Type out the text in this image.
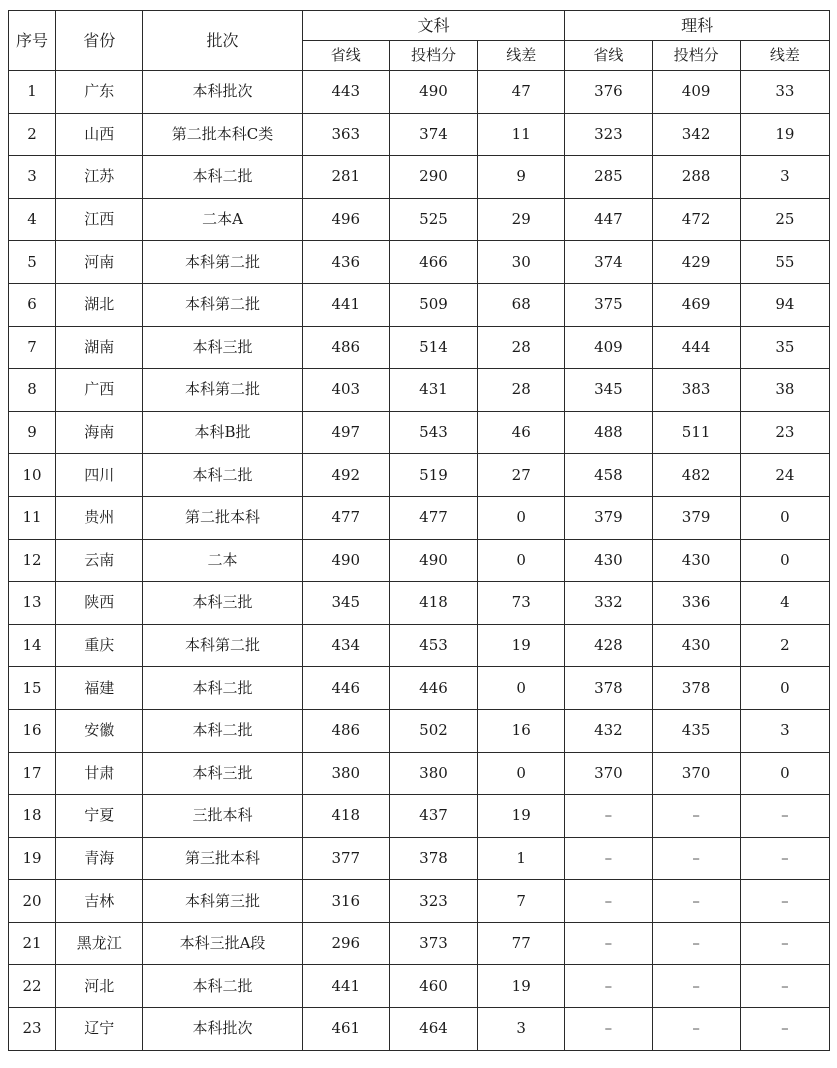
序号	省份	批次	文科			理科		
			省线	投档分	线差	省线	投档分	线差
1	广东	本科批次	443	490	47	376	409	33
2	山西	第二批本科C类	363	374	11	323	342	19
3	江苏	本科二批	281	290	9	285	288	3
4	江西	二本A	496	525	29	447	472	25
5	河南	本科第二批	436	466	30	374	429	55
6	湖北	本科第二批	441	509	68	375	469	94
7	湖南	本科三批	486	514	28	409	444	35
8	广西	本科第二批	403	431	28	345	383	38
9	海南	本科B批	497	543	46	488	511	23
10	四川	本科二批	492	519	27	458	482	24
11	贵州	第二批本科	477	477	0	379	379	0
12	云南	二本	490	490	0	430	430	0
13	陕西	本科三批	345	418	73	332	336	4
14	重庆	本科第二批	434	453	19	428	430	2
15	福建	本科二批	446	446	0	378	378	0
16	安徽	本科二批	486	502	16	432	435	3
17	甘肃	本科三批	380	380	0	370	370	0
18	宁夏	三批本科	418	437	19	–	–	–
19	青海	第三批本科	377	378	1	–	–	–
20	吉林	本科第三批	316	323	7	–	–	–
21	黑龙江	本科三批A段	296	373	77	–	–	–
22	河北	本科二批	441	460	19	–	–	–
23	辽宁	本科批次	461	464	3	–	–	–
